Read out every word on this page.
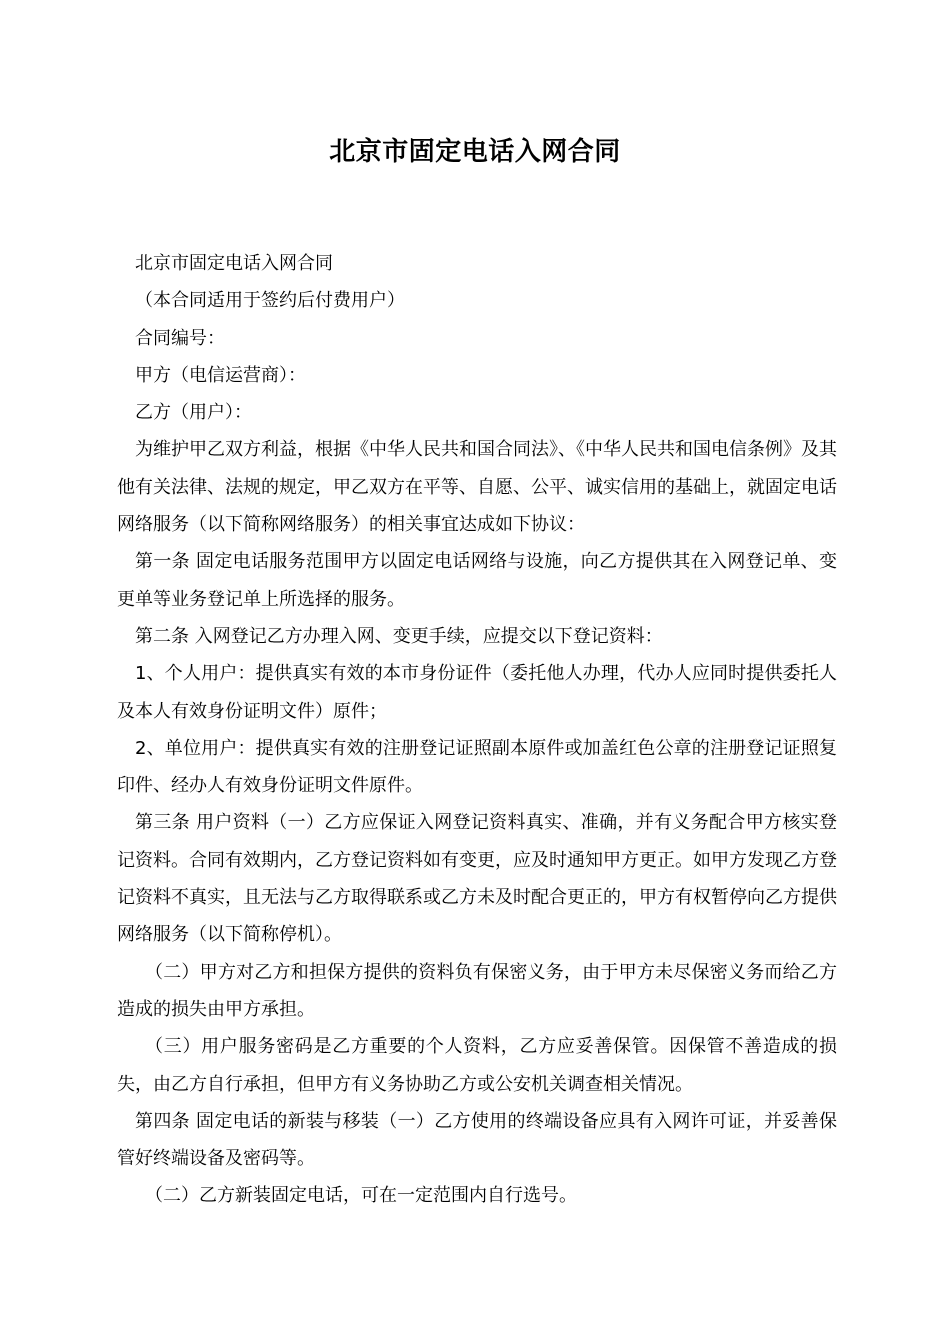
北京市固定电话入网合同

北京市固定电话入网合同

（本合同适用于签约后付费用户）

合同编号：

甲方（电信运营商）：

乙方（用户）：

为维护甲乙双方利益，根据《中华人民共和国合同法》、《中华人民共和国电信条例》及其他有关法律、法规的规定，甲乙双方在平等、自愿、公平、诚实信用的基础上，就固定电话网络服务（以下简称网络服务）的相关事宜达成如下协议：

第一条 固定电话服务范围甲方以固定电话网络与设施，向乙方提供其在入网登记单、变更单等业务登记单上所选择的服务。

第二条 入网登记乙方办理入网、变更手续，应提交以下登记资料：

1、个人用户：提供真实有效的本市身份证件（委托他人办理，代办人应同时提供委托人及本人有效身份证明文件）原件；

2、单位用户：提供真实有效的注册登记证照副本原件或加盖红色公章的注册登记证照复印件、经办人有效身份证明文件原件。

第三条 用户资料（一）乙方应保证入网登记资料真实、准确，并有义务配合甲方核实登记资料。合同有效期内，乙方登记资料如有变更，应及时通知甲方更正。如甲方发现乙方登记资料不真实，且无法与乙方取得联系或乙方未及时配合更正的，甲方有权暂停向乙方提供网络服务（以下简称停机）。

（二）甲方对乙方和担保方提供的资料负有保密义务，由于甲方未尽保密义务而给乙方造成的损失由甲方承担。

（三）用户服务密码是乙方重要的个人资料，乙方应妥善保管。因保管不善造成的损失，由乙方自行承担，但甲方有义务协助乙方或公安机关调查相关情况。

第四条 固定电话的新装与移装（一）乙方使用的终端设备应具有入网许可证，并妥善保管好终端设备及密码等。

（二）乙方新装固定电话，可在一定范围内自行选号。
